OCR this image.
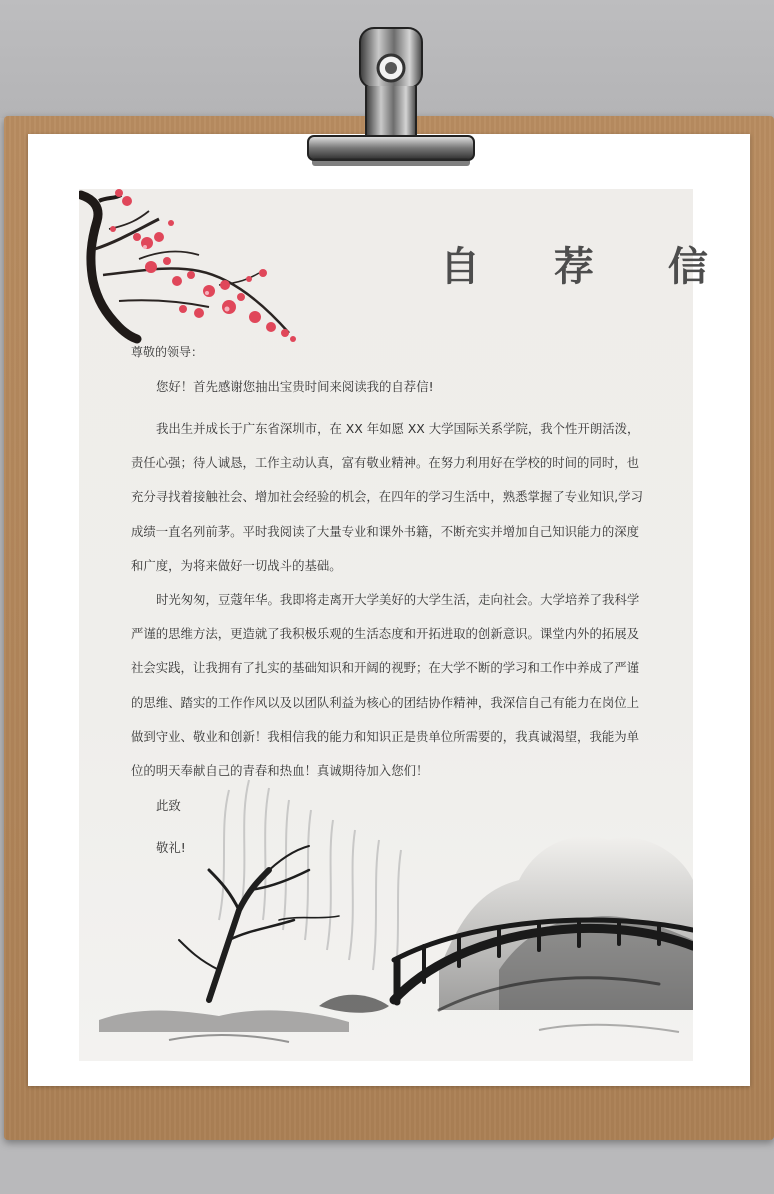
自 荐 信
尊敬的领导：
您好！首先感谢您抽出宝贵时间来阅读我的自荐信!
我出生并成长于广东省深圳市，在 XX 年如愿 XX 大学国际关系学院，我个性开朗活泼，责任心强；待人诚恳，工作主动认真，富有敬业精神。在努力利用好在学校的时间的同时，也充分寻找着接触社会、增加社会经验的机会，在四年的学习生活中，熟悉掌握了专业知识,学习成绩一直名列前茅。平时我阅读了大量专业和课外书籍，不断充实并增加自己知识能力的深度和广度，为将来做好一切战斗的基础。
时光匆匆，豆蔻年华。我即将走离开大学美好的大学生活，走向社会。大学培养了我科学严谨的思维方法，更造就了我积极乐观的生活态度和开拓进取的创新意识。课堂内外的拓展及社会实践，让我拥有了扎实的基础知识和开阔的视野；在大学不断的学习和工作中养成了严谨的思维、踏实的工作作风以及以团队利益为核心的团结协作精神，我深信自己有能力在岗位上做到守业、敬业和创新！我相信我的能力和知识正是贵单位所需要的，我真诚渴望，我能为单位的明天奉献自己的青春和热血！真诚期待加入您们！
此致
敬礼!
